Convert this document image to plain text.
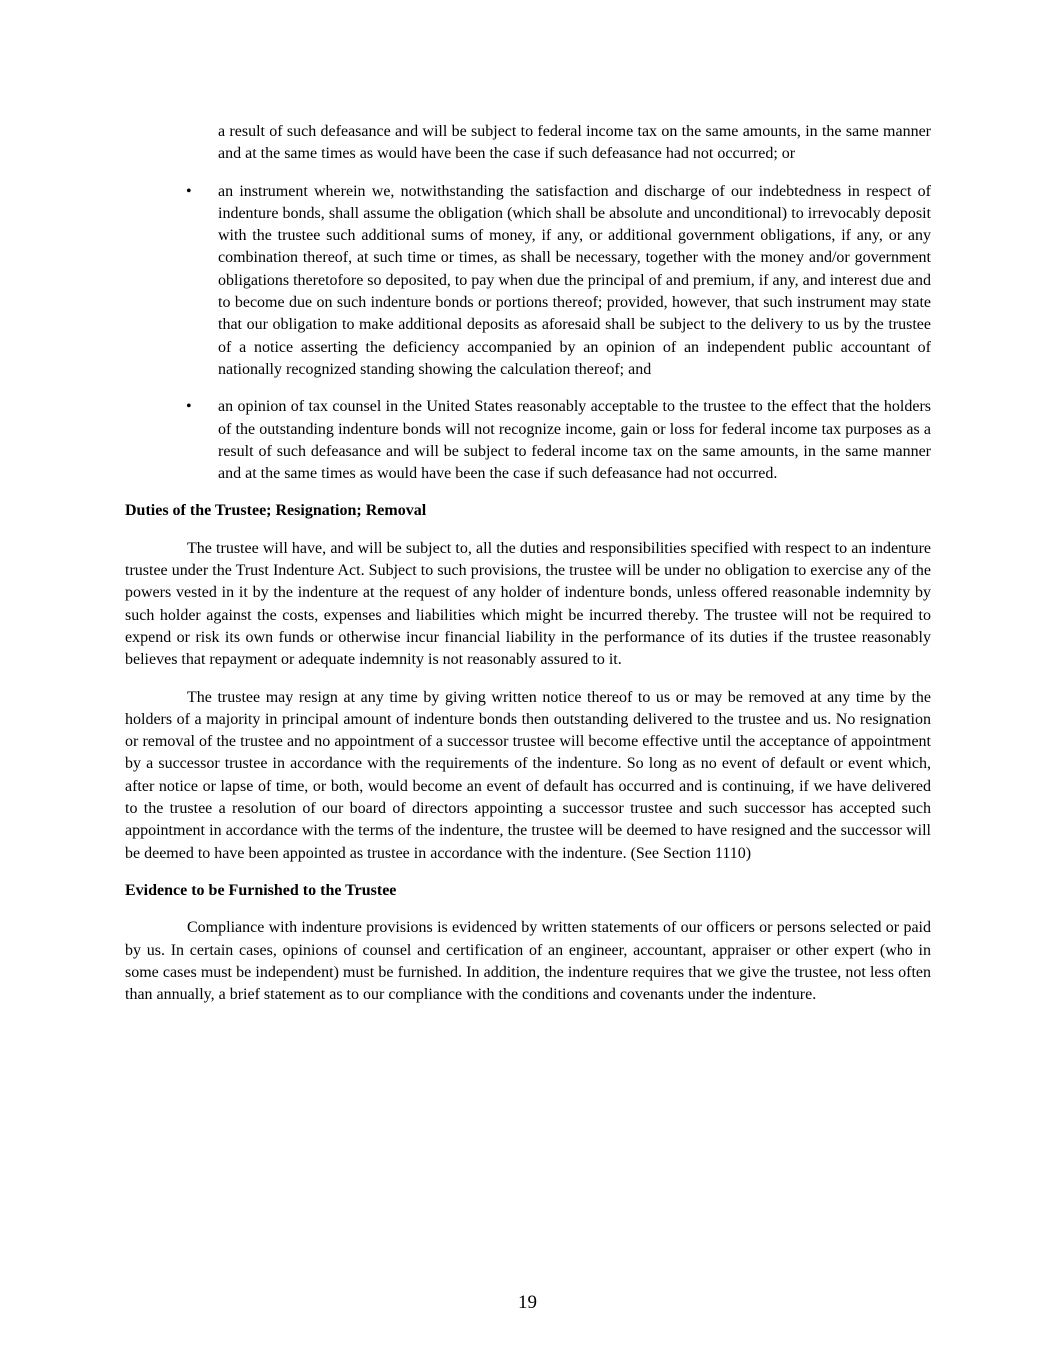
a result of such defeasance and will be subject to federal income tax on the same amounts, in the same manner and at the same times as would have been the case if such defeasance had not occurred; or

• an instrument wherein we, notwithstanding the satisfaction and discharge of our indebtedness in respect of indenture bonds, shall assume the obligation (which shall be absolute and unconditional) to irrevocably deposit with the trustee such additional sums of money, if any, or additional government obligations, if any, or any combination thereof, at such time or times, as shall be necessary, together with the money and/or government obligations theretofore so deposited, to pay when due the principal of and premium, if any, and interest due and to become due on such indenture bonds or portions thereof; provided, however, that such instrument may state that our obligation to make additional deposits as aforesaid shall be subject to the delivery to us by the trustee of a notice asserting the deficiency accompanied by an opinion of an independent public accountant of nationally recognized standing showing the calculation thereof; and

• an opinion of tax counsel in the United States reasonably acceptable to the trustee to the effect that the holders of the outstanding indenture bonds will not recognize income, gain or loss for federal income tax purposes as a result of such defeasance and will be subject to federal income tax on the same amounts, in the same manner and at the same times as would have been the case if such defeasance had not occurred.

Duties of the Trustee; Resignation; Removal

The trustee will have, and will be subject to, all the duties and responsibilities specified with respect to an indenture trustee under the Trust Indenture Act. Subject to such provisions, the trustee will be under no obligation to exercise any of the powers vested in it by the indenture at the request of any holder of indenture bonds, unless offered reasonable indemnity by such holder against the costs, expenses and liabilities which might be incurred thereby. The trustee will not be required to expend or risk its own funds or otherwise incur financial liability in the performance of its duties if the trustee reasonably believes that repayment or adequate indemnity is not reasonably assured to it.

The trustee may resign at any time by giving written notice thereof to us or may be removed at any time by the holders of a majority in principal amount of indenture bonds then outstanding delivered to the trustee and us. No resignation or removal of the trustee and no appointment of a successor trustee will become effective until the acceptance of appointment by a successor trustee in accordance with the requirements of the indenture. So long as no event of default or event which, after notice or lapse of time, or both, would become an event of default has occurred and is continuing, if we have delivered to the trustee a resolution of our board of directors appointing a successor trustee and such successor has accepted such appointment in accordance with the terms of the indenture, the trustee will be deemed to have resigned and the successor will be deemed to have been appointed as trustee in accordance with the indenture. (See Section 1110)

Evidence to be Furnished to the Trustee

Compliance with indenture provisions is evidenced by written statements of our officers or persons selected or paid by us. In certain cases, opinions of counsel and certification of an engineer, accountant, appraiser or other expert (who in some cases must be independent) must be furnished. In addition, the indenture requires that we give the trustee, not less often than annually, a brief statement as to our compliance with the conditions and covenants under the indenture.

19
